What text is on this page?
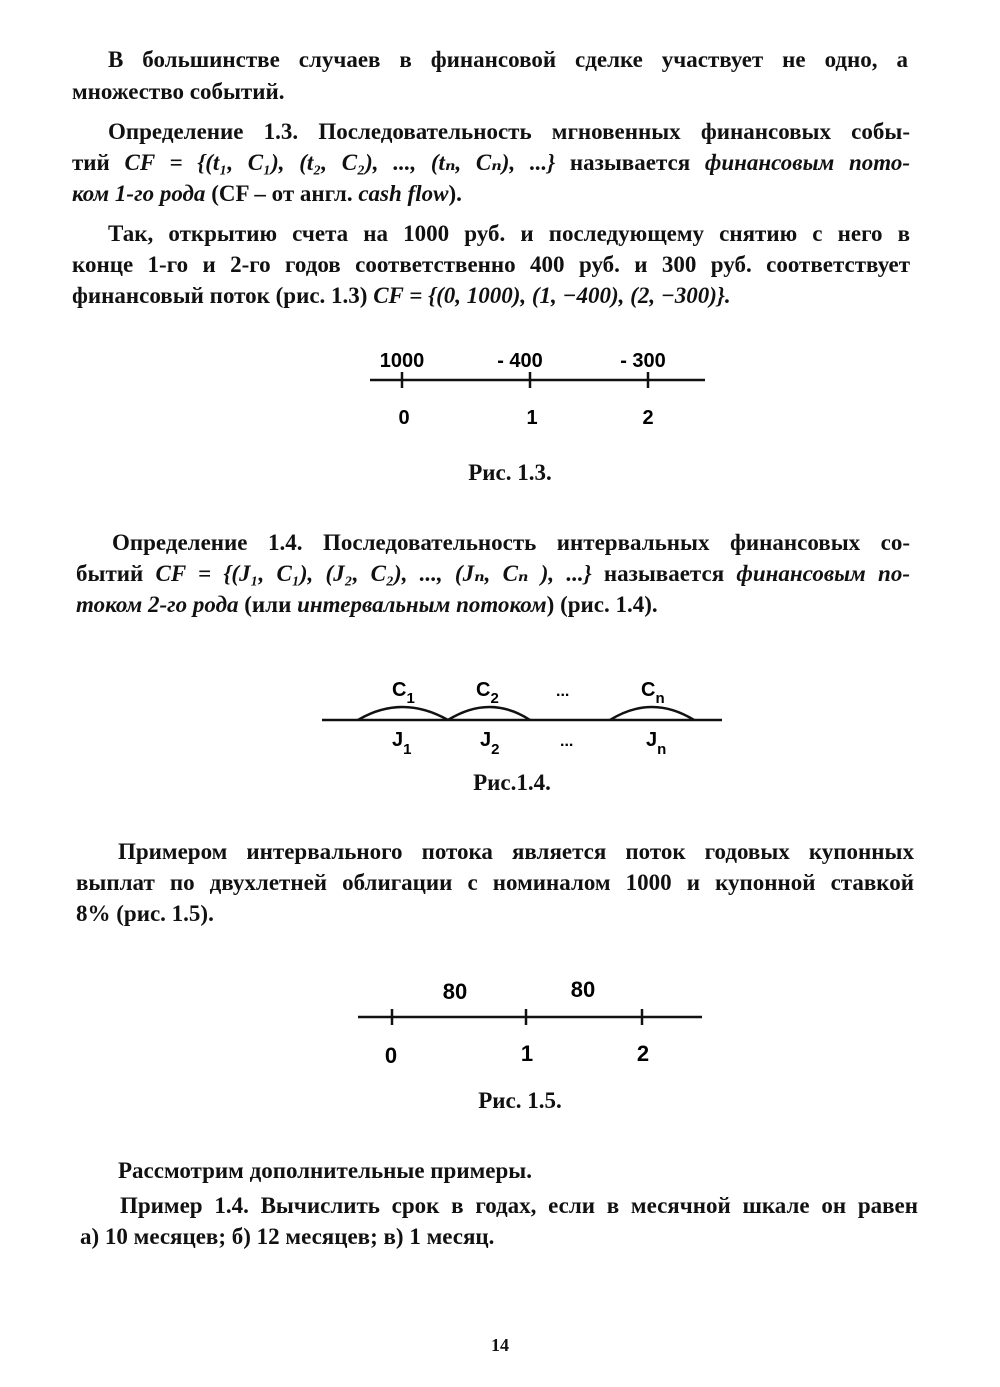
В большинстве случаев в финансовой сделке участвует не одно, а

множество событий.

Определение 1.3. Последовательность мгновенных финансовых собы-
тий CF = {(t₁, C₁), (t₂, C₂), ..., (tₙ, Cₙ), ...} называется финансовым пото-
ком 1-го рода (CF – от англ. cash flow).
Так, открытию счета на 1000 руб. и последующему снятию с него в
конце 1-го и 2-го годов соответственно 400 руб. и 300 руб. соответствует
финансовый поток (рис. 1.3) CF = {(0, 1000), (1, −400), (2, −300)}.
1000	- 400	- 300
0	1	2
Рис. 1.3.
Определение 1.4. Последовательность интервальных финансовых со-
бытий CF = {(J₁, C₁), (J₂, C₂), ..., (Jₙ, Cₙ ), ...} называется финансовым по-
током 2-го рода (или интервальным потоком) (рис. 1.4).
$C_1$	$C_2$	...	$C_n$
$J_1$	$J_2$	...	$J_n$
Рис.1.4.
Примером интервального потока является поток годовых купонных
выплат по двухлетней облигации с номиналом 1000 и купонной ставкой
8% (рис. 1.5).
80	80
0	1	2
Рис. 1.5.
Рассмотрим дополнительные примеры.
Пример 1.4. Вычислить срок в годах, если в месячной шкале он равен
а) 10 месяцев; б) 12 месяцев; в) 1 месяц.
14
